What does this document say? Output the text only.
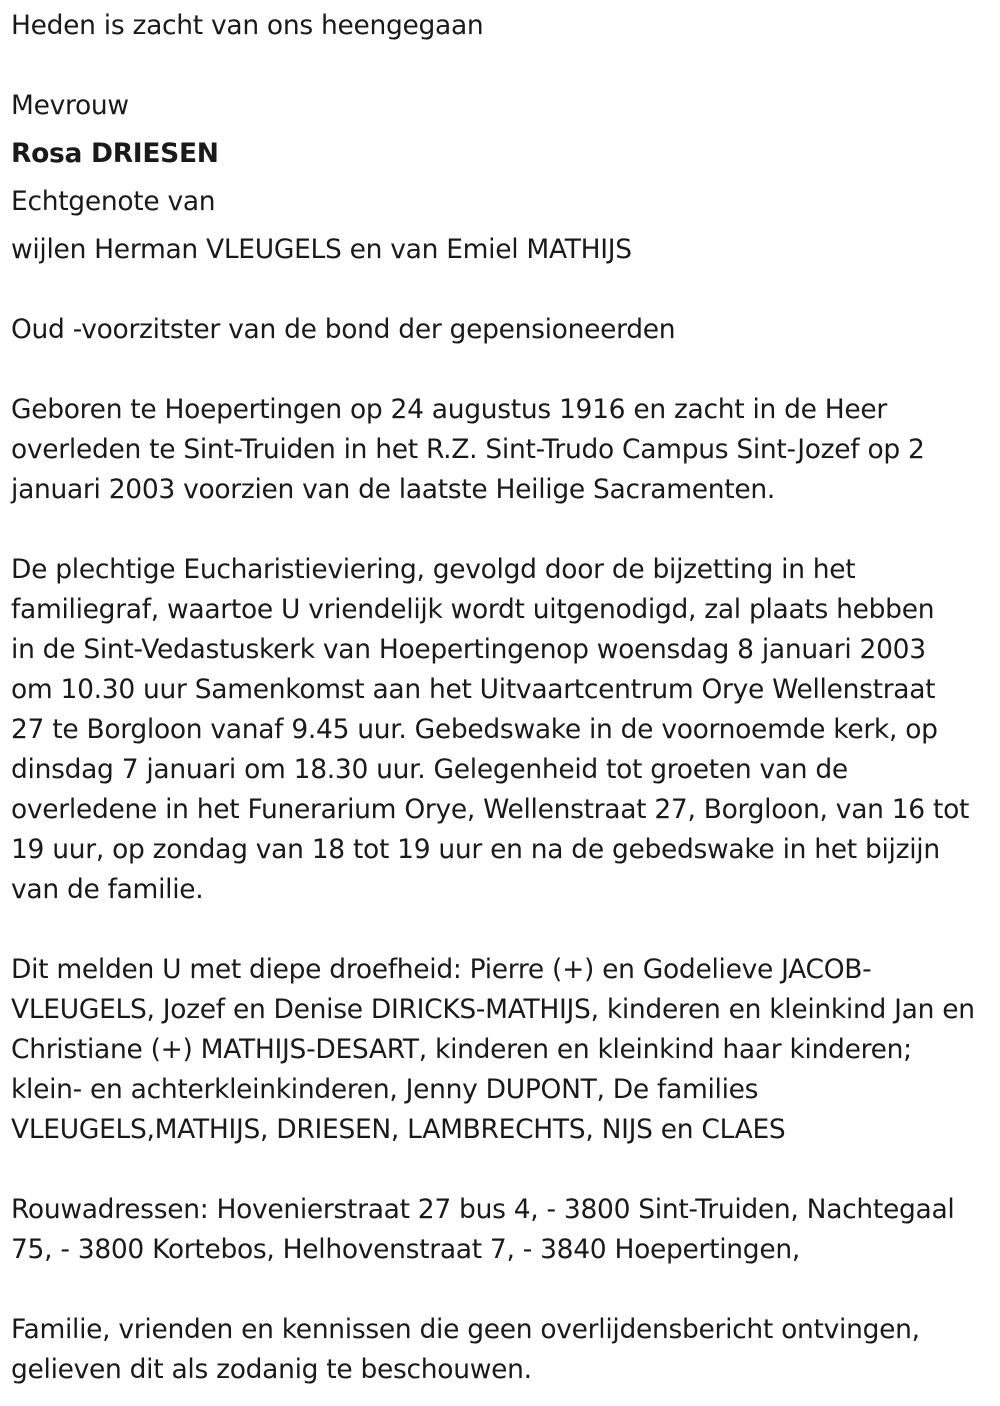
Heden is zacht van ons heengegaan
Mevrouw
Rosa DRIESEN
Echtgenote van
wijlen Herman VLEUGELS en van Emiel MATHIJS
Oud -voorzitster van de bond der gepensioneerden
Geboren te Hoepertingen op 24 augustus 1916 en zacht in de Heer
overleden te Sint-Truiden in het R.Z. Sint-Trudo Campus Sint-Jozef op 2
januari 2003 voorzien van de laatste Heilige Sacramenten.
De plechtige Eucharistieviering, gevolgd door de bijzetting in het
familiegraf, waartoe U vriendelijk wordt uitgenodigd, zal plaats hebben
in de Sint-Vedastuskerk van Hoepertingenop woensdag 8 januari 2003
om 10.30 uur Samenkomst aan het Uitvaartcentrum Orye Wellenstraat
27 te Borgloon vanaf 9.45 uur. Gebedswake in de voornoemde kerk, op
dinsdag 7 januari om 18.30 uur. Gelegenheid tot groeten van de
overledene in het Funerarium Orye, Wellenstraat 27, Borgloon, van 16 tot
19 uur, op zondag van 18 tot 19 uur en na de gebedswake in het bijzijn
van de familie.
Dit melden U met diepe droefheid: Pierre (+) en Godelieve JACOB-
VLEUGELS, Jozef en Denise DIRICKS-MATHIJS, kinderen en kleinkind Jan en
Christiane (+) MATHIJS-DESART, kinderen en kleinkind haar kinderen;
klein- en achterkleinkinderen, Jenny DUPONT, De families
VLEUGELS,MATHIJS, DRIESEN, LAMBRECHTS, NIJS en CLAES
Rouwadressen: Hovenierstraat 27 bus 4, - 3800 Sint-Truiden, Nachtegaal
75, - 3800 Kortebos, Helhovenstraat 7, - 3840 Hoepertingen,
Familie, vrienden en kennissen die geen overlijdensbericht ontvingen,
gelieven dit als zodanig te beschouwen.
